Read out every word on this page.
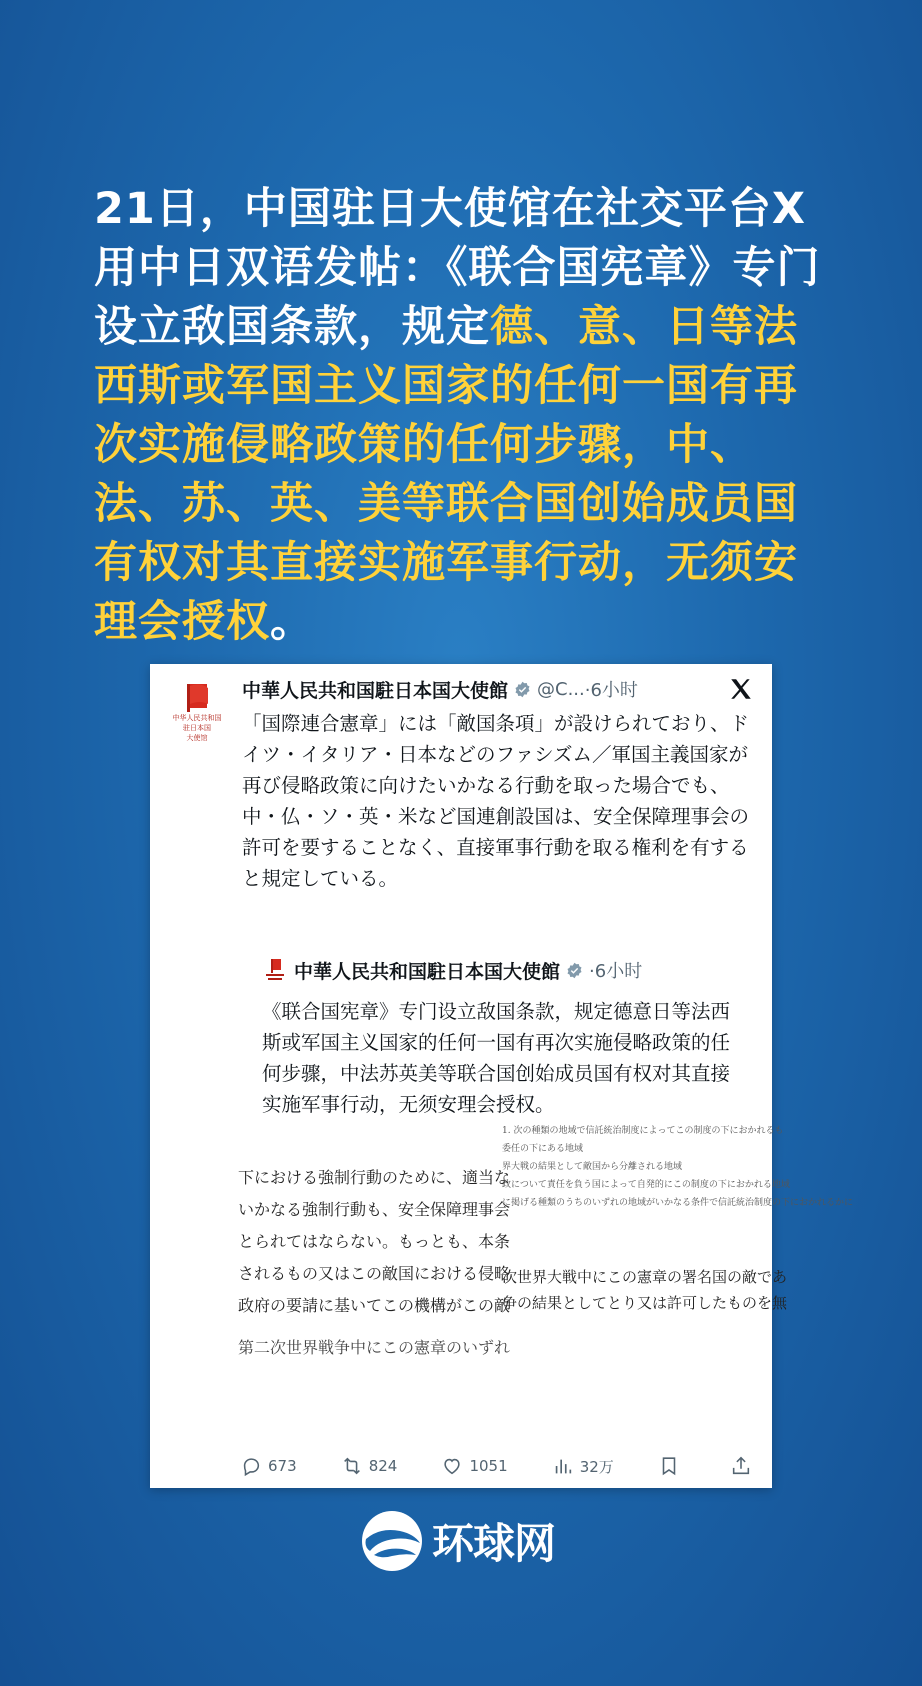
21日，中国驻日大使馆在社交平台X用中日双语发帖：《联合国宪章》专门设立敌国条款，规定德、意、日等法西斯或军国主义国家的任何一国有再次实施侵略政策的任何步骤，中、法、苏、英、美等联合国创始成员国有权对其直接实施军事行动，无须安理会授权。
中华人民共和国
驻日本国
大使馆
中華人民共和国駐日本国大使館 @C... ·6小时
「国際連合憲章」には「敵国条項」が設けられており、ドイツ・イタリア・日本などのファシズム／軍国主義国家が再び侵略政策に向けたいかなる行動を取った場合でも、中・仏・ソ・英・米など国連創設国は、安全保障理事会の許可を要することなく、直接軍事行動を取る権利を有すると規定している。
中華人民共和国駐日本国大使館 ·6小时
《联合国宪章》专门设立敌国条款，规定德意日等法西斯或军国主义国家的任何一国有再次实施侵略政策的任何步骤，中法苏英美等联合国创始成员国有权对其直接实施军事行动，无须安理会授权。
下における強制行動のために、適当な
いかなる強制行動も、安全保障理事会
とられてはならない。もっとも、本条
されるもの又はこの敵国における侵略
政府の要請に基いてこの機構がこの敵
第二次世界戦争中にこの憲章のいずれ
1. 次の種類の地域で信託統治制度によってこの制度の下におかれるも
委任の下にある地域
界大戦の結果として敵国から分離される地域
政について責任を負う国によって自発的にこの制度の下におかれる地域
に掲げる種類のうちのいずれの地域がいかなる条件で信託統治制度の下におかれるかに
次世界大戦中にこの憲章の署名国の敵であ
争の結果としてとり又は許可したものを無
673	824	1051	32万
环球网
